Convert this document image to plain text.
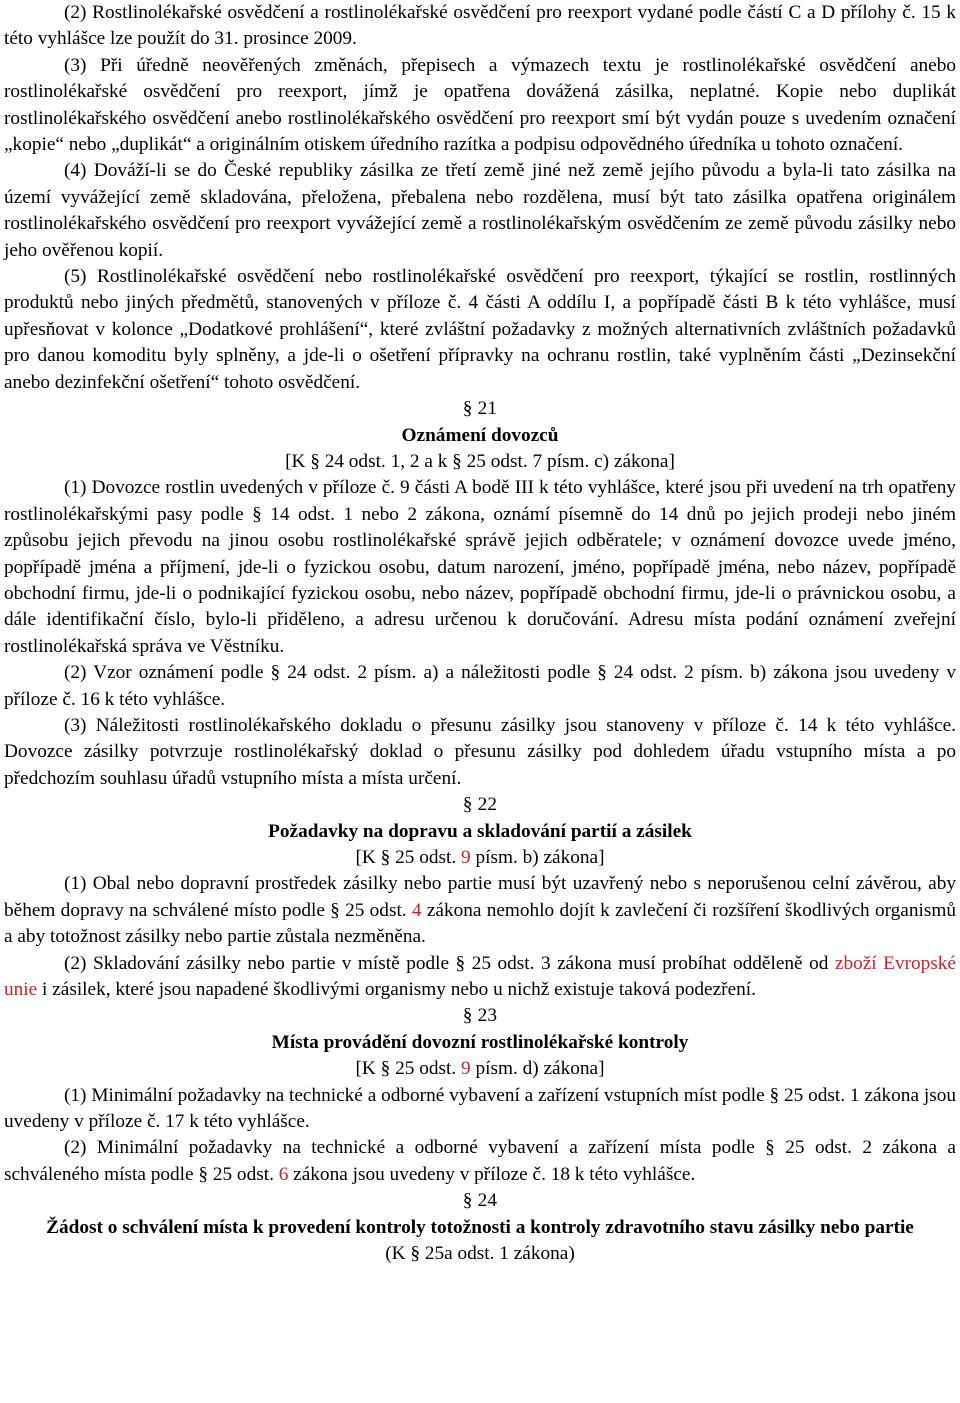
(2) Rostlinolékařské osvědčení a rostlinolékařské osvědčení pro reexport vydané podle částí C a D přílohy č. 15 k této vyhlášce lze použít do 31. prosince 2009.

(3) Při úředně neověřených změnách, přepisech a výmazech textu je rostlinolékařské osvědčení anebo rostlinolékařské osvědčení pro reexport, jímž je opatřena dovážená zásilka, neplatné. Kopie nebo duplikát rostlinolékařského osvědčení anebo rostlinolékařského osvědčení pro reexport smí být vydán pouze s uvedením označení „kopie“ nebo „duplikát“ a originálním otiskem úředního razítka a podpisu odpovědného úředníka u tohoto označení.

(4) Dováží-li se do České republiky zásilka ze třetí země jiné než země jejího původu a byla-li tato zásilka na území vyvážející země skladována, přeložena, přebalena nebo rozdělena, musí být tato zásilka opatřena originálem rostlinolékařského osvědčení pro reexport vyvážející země a rostlinolékařským osvědčením ze země původu zásilky nebo jeho ověřenou kopií.

(5) Rostlinolékařské osvědčení nebo rostlinolékařské osvědčení pro reexport, týkající se rostlin, rostlinných produktů nebo jiných předmětů, stanovených v příloze č. 4 části A oddílu I, a popřípadě části B k této vyhlášce, musí upřesňovat v kolonce „Dodatkové prohlášení“, které zvláštní požadavky z možných alternativních zvláštních požadavků pro danou komoditu byly splněny, a jde-li o ošetření přípravky na ochranu rostlin, také vyplněním části „Dezinsekční anebo dezinfekční ošetření“ tohoto osvědčení.

§ 21

Oznámení dovozců

[K § 24 odst. 1, 2 a k § 25 odst. 7 písm. c) zákona]

(1) Dovozce rostlin uvedených v příloze č. 9 části A bodě III k této vyhlášce, které jsou při uvedení na trh opatřeny rostlinolékařskými pasy podle § 14 odst. 1 nebo 2 zákona, oznámí písemně do 14 dnů po jejich prodeji nebo jiném způsobu jejich převodu na jinou osobu rostlinolékařské správě jejich odběratele; v oznámení dovozce uvede jméno, popřípadě jména a příjmení, jde-li o fyzickou osobu, datum narození, jméno, popřípadě jména, nebo název, popřípadě obchodní firmu, jde-li o podnikající fyzickou osobu, nebo název, popřípadě obchodní firmu, jde-li o právnickou osobu, a dále identifikační číslo, bylo-li přiděleno, a adresu určenou k doručování. Adresu místa podání oznámení zveřejní rostlinolékařská správa ve Věstníku.

(2) Vzor oznámení podle § 24 odst. 2 písm. a) a náležitosti podle § 24 odst. 2 písm. b) zákona jsou uvedeny v příloze č. 16 k této vyhlášce.

(3) Náležitosti rostlinolékařského dokladu o přesunu zásilky jsou stanoveny v příloze č. 14 k této vyhlášce. Dovozce zásilky potvrzuje rostlinolékařský doklad o přesunu zásilky pod dohledem úřadu vstupního místa a po předchozím souhlasu úřadů vstupního místa a místa určení.

§ 22

Požadavky na dopravu a skladování partií a zásilek

[K § 25 odst. 9 písm. b) zákona]

(1) Obal nebo dopravní prostředek zásilky nebo partie musí být uzavřený nebo s neporušenou celní závěrou, aby během dopravy na schválené místo podle § 25 odst. 4 zákona nemohlo dojít k zavlečení či rozšíření škodlivých organismů a aby totožnost zásilky nebo partie zůstala nezměněna.

(2) Skladování zásilky nebo partie v místě podle § 25 odst. 3 zákona musí probíhat odděleně od zboží Evropské unie i zásilek, které jsou napadené škodlivými organismy nebo u nichž existuje taková podezření.

§ 23

Místa provádění dovozní rostlinolékařské kontroly

[K § 25 odst. 9 písm. d) zákona]

(1) Minimální požadavky na technické a odborné vybavení a zařízení vstupních míst podle § 25 odst. 1 zákona jsou uvedeny v příloze č. 17 k této vyhlášce.

(2) Minimální požadavky na technické a odborné vybavení a zařízení místa podle § 25 odst. 2 zákona a schváleného místa podle § 25 odst. 6 zákona jsou uvedeny v příloze č. 18 k této vyhlášce.

§ 24

Žádost o schválení místa k provedení kontroly totožnosti a kontroly zdravotního stavu zásilky nebo partie

(K § 25a odst. 1 zákona)
